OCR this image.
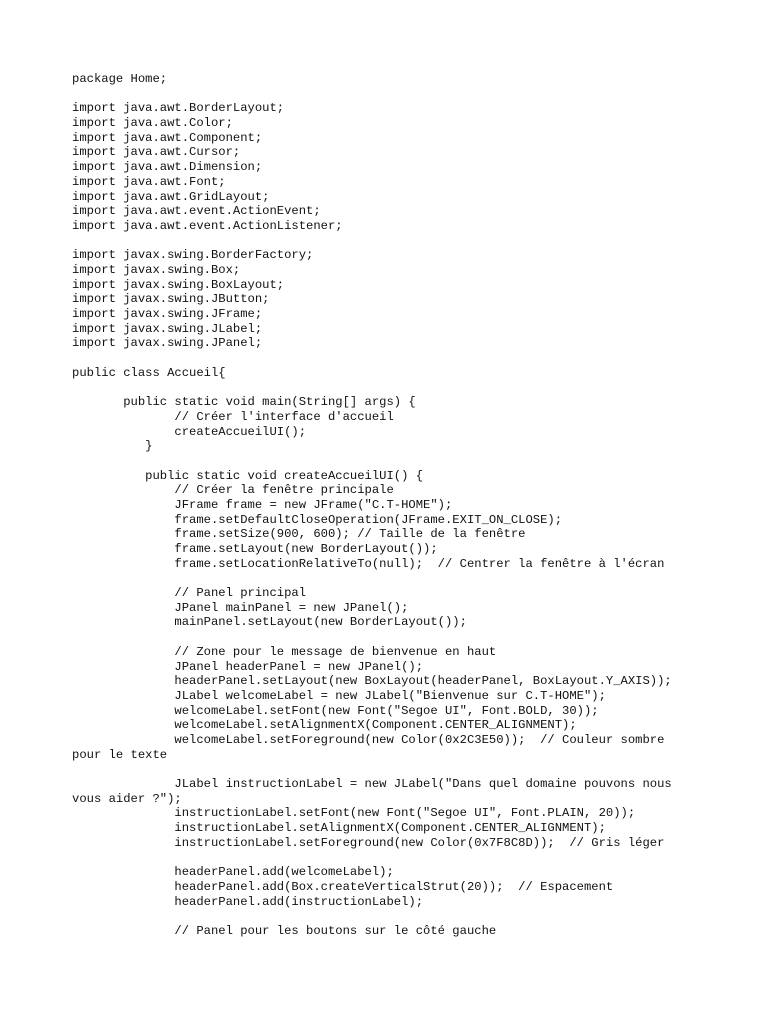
package Home;
import java.awt.BorderLayout;
import java.awt.Color;
import java.awt.Component;
import java.awt.Cursor;
import java.awt.Dimension;
import java.awt.Font;
import java.awt.GridLayout;
import java.awt.event.ActionEvent;
import java.awt.event.ActionListener;
import javax.swing.BorderFactory;
import javax.swing.Box;
import javax.swing.BoxLayout;
import javax.swing.JButton;
import javax.swing.JFrame;
import javax.swing.JLabel;
import javax.swing.JPanel;
public class Accueil{
public static void main(String[] args) {
// Créer l'interface d'accueil
createAccueilUI();
}
public static void createAccueilUI() {
// Créer la fenêtre principale
JFrame frame = new JFrame("C.T-HOME");
frame.setDefaultCloseOperation(JFrame.EXIT_ON_CLOSE);
frame.setSize(900, 600); // Taille de la fenêtre
frame.setLayout(new BorderLayout());
frame.setLocationRelativeTo(null);  // Centrer la fenêtre à l'écran
// Panel principal
JPanel mainPanel = new JPanel();
mainPanel.setLayout(new BorderLayout());
// Zone pour le message de bienvenue en haut
JPanel headerPanel = new JPanel();
headerPanel.setLayout(new BoxLayout(headerPanel, BoxLayout.Y_AXIS));
JLabel welcomeLabel = new JLabel("Bienvenue sur C.T-HOME");
welcomeLabel.setFont(new Font("Segoe UI", Font.BOLD, 30));
welcomeLabel.setAlignmentX(Component.CENTER_ALIGNMENT);
welcomeLabel.setForeground(new Color(0x2C3E50));  // Couleur sombre
pour le texte
JLabel instructionLabel = new JLabel("Dans quel domaine pouvons nous
vous aider ?");
instructionLabel.setFont(new Font("Segoe UI", Font.PLAIN, 20));
instructionLabel.setAlignmentX(Component.CENTER_ALIGNMENT);
instructionLabel.setForeground(new Color(0x7F8C8D));  // Gris léger
headerPanel.add(welcomeLabel);
headerPanel.add(Box.createVerticalStrut(20));  // Espacement
headerPanel.add(instructionLabel);
// Panel pour les boutons sur le côté gauche
